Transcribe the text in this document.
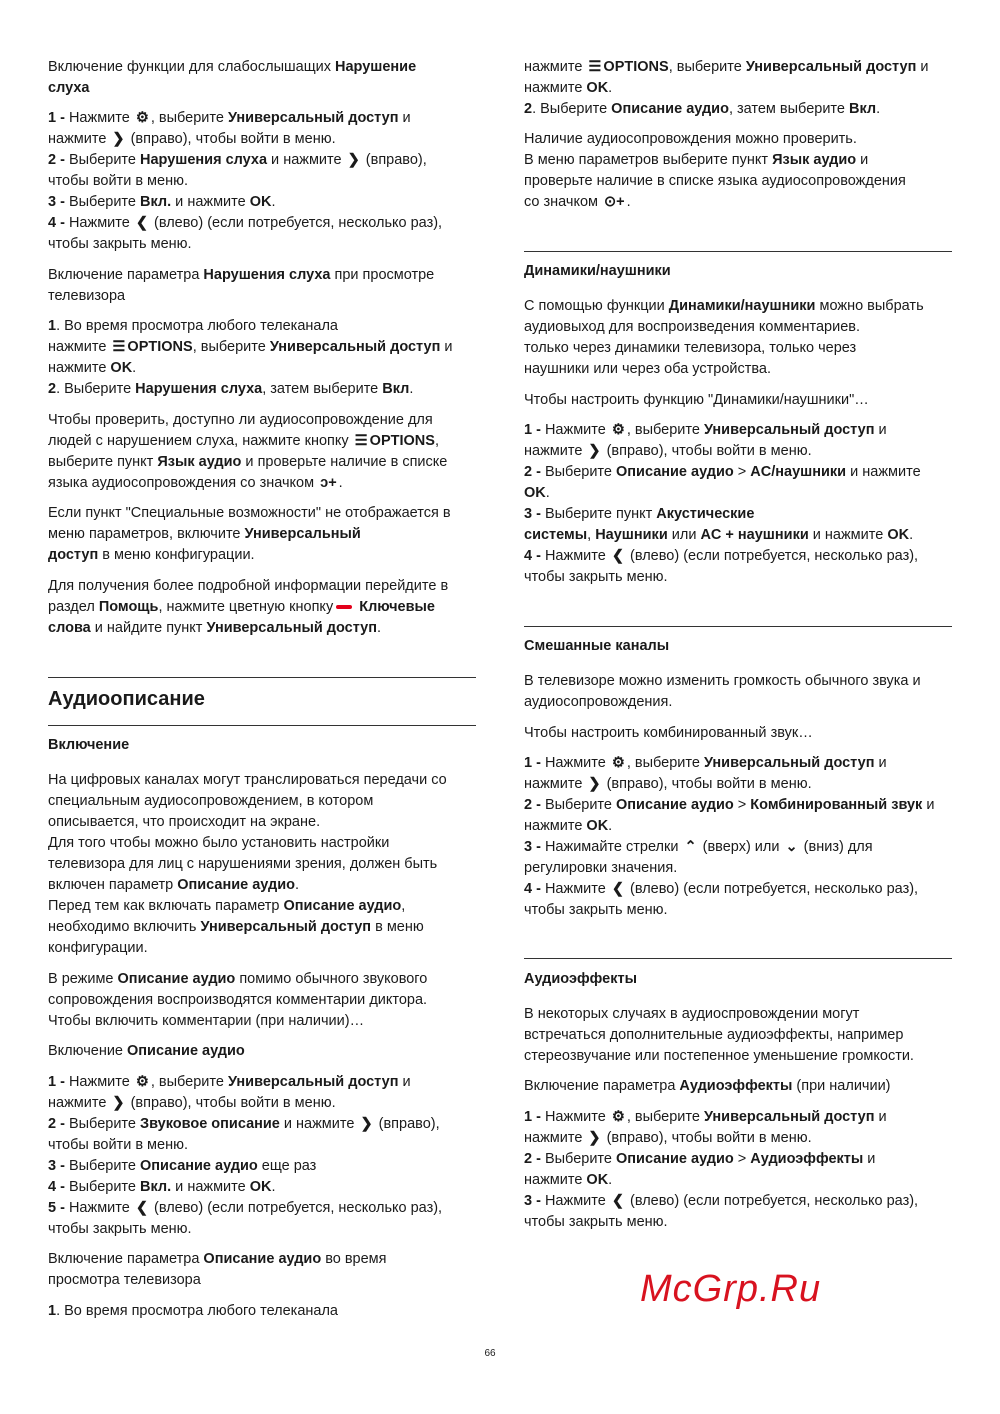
Аудиоописание
Включение функции для слабослышащих Нарушение
слуха
1 - Нажмите ⚙ , выберите Универсальный доступ и
нажмите ❯ (вправо), чтобы войти в меню.
2 - Выберите Нарушения слуха и нажмите ❯ (вправо),
чтобы войти в меню.
3 - Выберите Вкл. и нажмите OK.
4 - Нажмите ❮ (влево) (если потребуется, несколько раз),
чтобы закрыть меню.
Включение параметра Нарушения слуха при просмотре
телевизора
1. Во время просмотра любого телеканала
нажмите ☰ OPTIONS, выберите Универсальный доступ и
нажмите OK.
2. Выберите Нарушения слуха, затем выберите Вкл.
Чтобы проверить, доступно ли аудиосопровождение для
людей с нарушением слуха, нажмите кнопку ☰ OPTIONS,
выберите пункт Язык аудио и проверьте наличие в списке
языка аудиосопровождения со значком ↄ+ .
Если пункт "Специальные возможности" не отображается в
меню параметров, включите Универсальный
доступ в меню конфигурации.
Для получения более подробной информации перейдите в
раздел Помощь, нажмите цветную кнопку Ключевые
слова и найдите пункт Универсальный доступ.
Включение
На цифровых каналах могут транслироваться передачи со
специальным аудиосопровождением, в котором
описывается, что происходит на экране.
Для того чтобы можно было установить настройки
телевизора для лиц с нарушениями зрения, должен быть
включен параметр Описание аудио.
Перед тем как включать параметр Описание аудио,
необходимо включить Универсальный доступ в меню
конфигурации.
В режиме Описание аудио помимо обычного звукового
сопровождения воспроизводятся комментарии диктора.
Чтобы включить комментарии (при наличии)…
Включение Описание аудио
1 - Нажмите ⚙ , выберите Универсальный доступ и
нажмите ❯ (вправо), чтобы войти в меню.
2 - Выберите Звуковое описание и нажмите ❯ (вправо),
чтобы войти в меню.
3 - Выберите Описание аудио еще раз
4 - Выберите Вкл. и нажмите OK.
5 - Нажмите ❮ (влево) (если потребуется, несколько раз),
чтобы закрыть меню.
Включение параметра Описание аудио во время
просмотра телевизора
1. Во время просмотра любого телеканала
нажмите ☰ OPTIONS, выберите Универсальный доступ и
нажмите OK.
2. Выберите Описание аудио, затем выберите Вкл.
Наличие аудиосопровождения можно проверить.
В меню параметров выберите пункт Язык аудио и
проверьте наличие в списке языка аудиосопровождения
со значком ⊙+ .
Динамики/наушники
С помощью функции Динамики/наушники можно выбрать
аудиовыход для воспроизведения комментариев.
только через динамики телевизора, только через
наушники или через оба устройства.
Чтобы настроить функцию "Динамики/наушники"…
1 - Нажмите ⚙ , выберите Универсальный доступ и
нажмите ❯ (вправо), чтобы войти в меню.
2 - Выберите Описание аудио > AC/наушники и нажмите
OK.
3 - Выберите пункт Акустические
системы, Наушники или AC + наушники и нажмите OK.
4 - Нажмите ❮ (влево) (если потребуется, несколько раз),
чтобы закрыть меню.
Смешанные каналы
В телевизоре можно изменить громкость обычного звука и
аудиосопровождения.
Чтобы настроить комбинированный звук…
1 - Нажмите ⚙ , выберите Универсальный доступ и
нажмите ❯ (вправо), чтобы войти в меню.
2 - Выберите Описание аудио > Комбинированный звук и
нажмите OK.
3 - Нажимайте стрелки ⌃ (вверх) или ⌄ (вниз) для
регулировки значения.
4 - Нажмите ❮ (влево) (если потребуется, несколько раз),
чтобы закрыть меню.
Аудиоэффекты
В некоторых случаях в аудиоспровождении могут
встречаться дополнительные аудиоэффекты, например
стереозвучание или постепенное уменьшение громкости.
Включение параметра Аудиоэффекты (при наличии)
1 - Нажмите ⚙ , выберите Универсальный доступ и
нажмите ❯ (вправо), чтобы войти в меню.
2 - Выберите Описание аудио > Аудиоэффекты и
нажмите OK.
3 - Нажмите ❮ (влево) (если потребуется, несколько раз),
чтобы закрыть меню.
McGrp.Ru
66
